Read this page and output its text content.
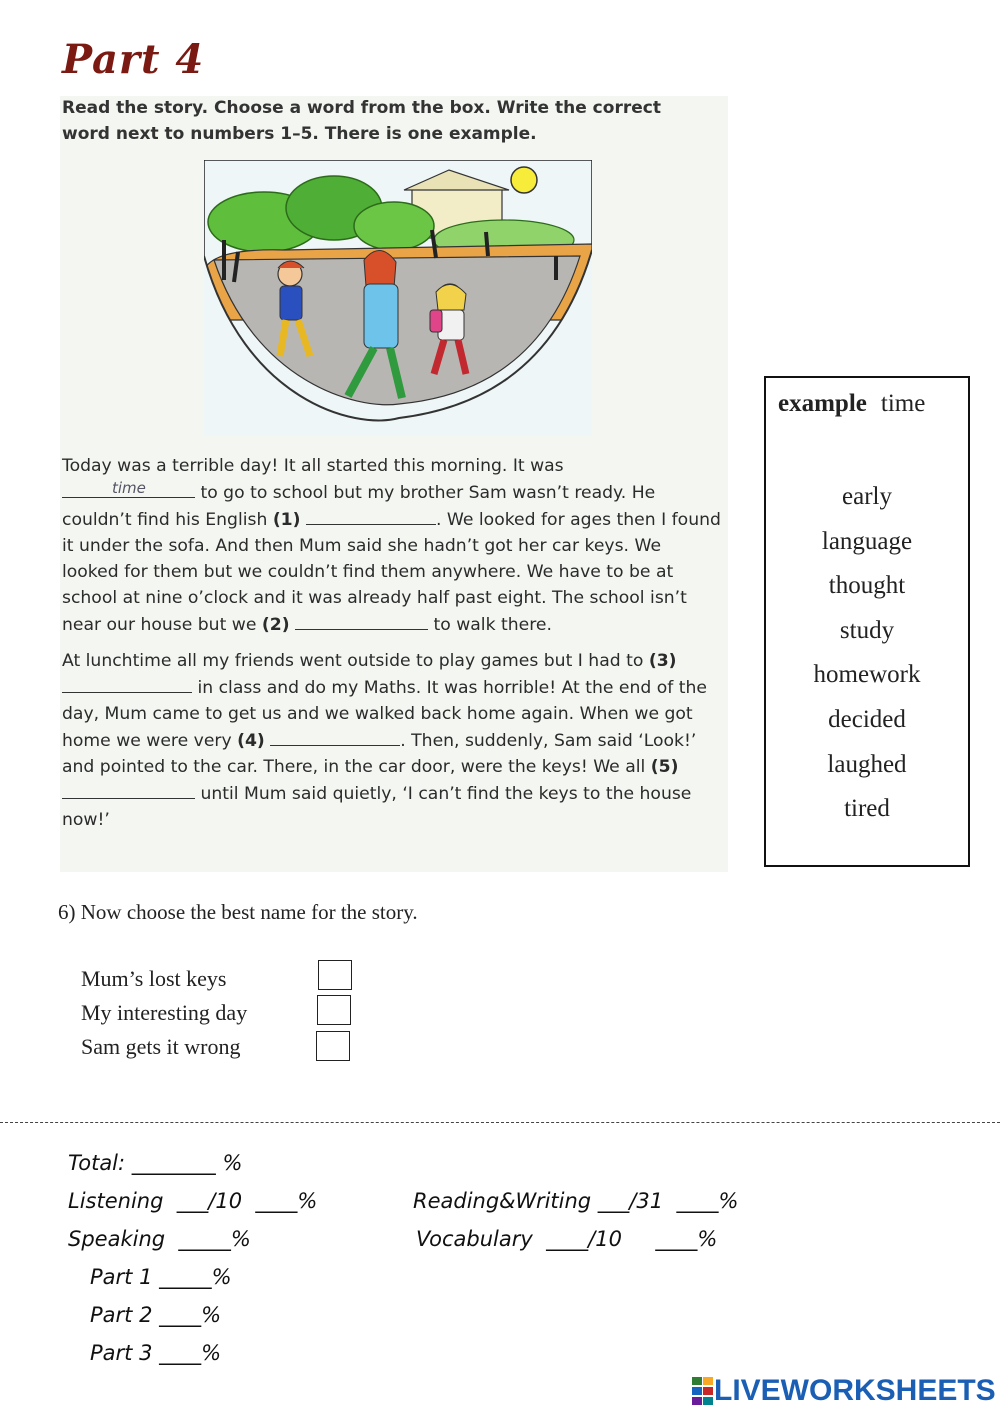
Part 4
Read the story. Choose a word from the box. Write the correct word next to numbers 1–5. There is one example.

Today was a terrible day! It all started this morning. It was

time	to go to school but my brother Sam wasn’t ready. He couldn’t find his English (1)	. We looked for ages then I found it under the sofa. And then Mum said she hadn’t got her car keys. We looked for them but we couldn’t find them anywhere. We have to be at school at nine o’clock and it was already half past eight. The school isn’t near our house but we (2)	to walk there.

At lunchtime all my friends went outside to play games but I had to (3)  in class and do my Maths. It was horrible! At the end of the day, Mum came to get us and we walked back home again. When we got home we were very (4)	. Then, suddenly, Sam said ‘Look!’ and pointed to the car. There, in the car door, were the keys! We all (5)  until Mum said quietly, ‘I can’t find the keys to the house now!’

example time
early
language
thought
study
homework
decided
laughed
tired
6) Now choose the best name for the story.
Mum’s lost keys
My interesting day
Sam gets it wrong
Total: ________ %
Listening  ___/10  ____%	Reading&Writing ___/31  ____%
Speaking  _____%	Vocabulary  ____/10     ____%
Part 1 _____%
Part 2 ____%
Part 3 ____%
LIVEWORKSHEETS
